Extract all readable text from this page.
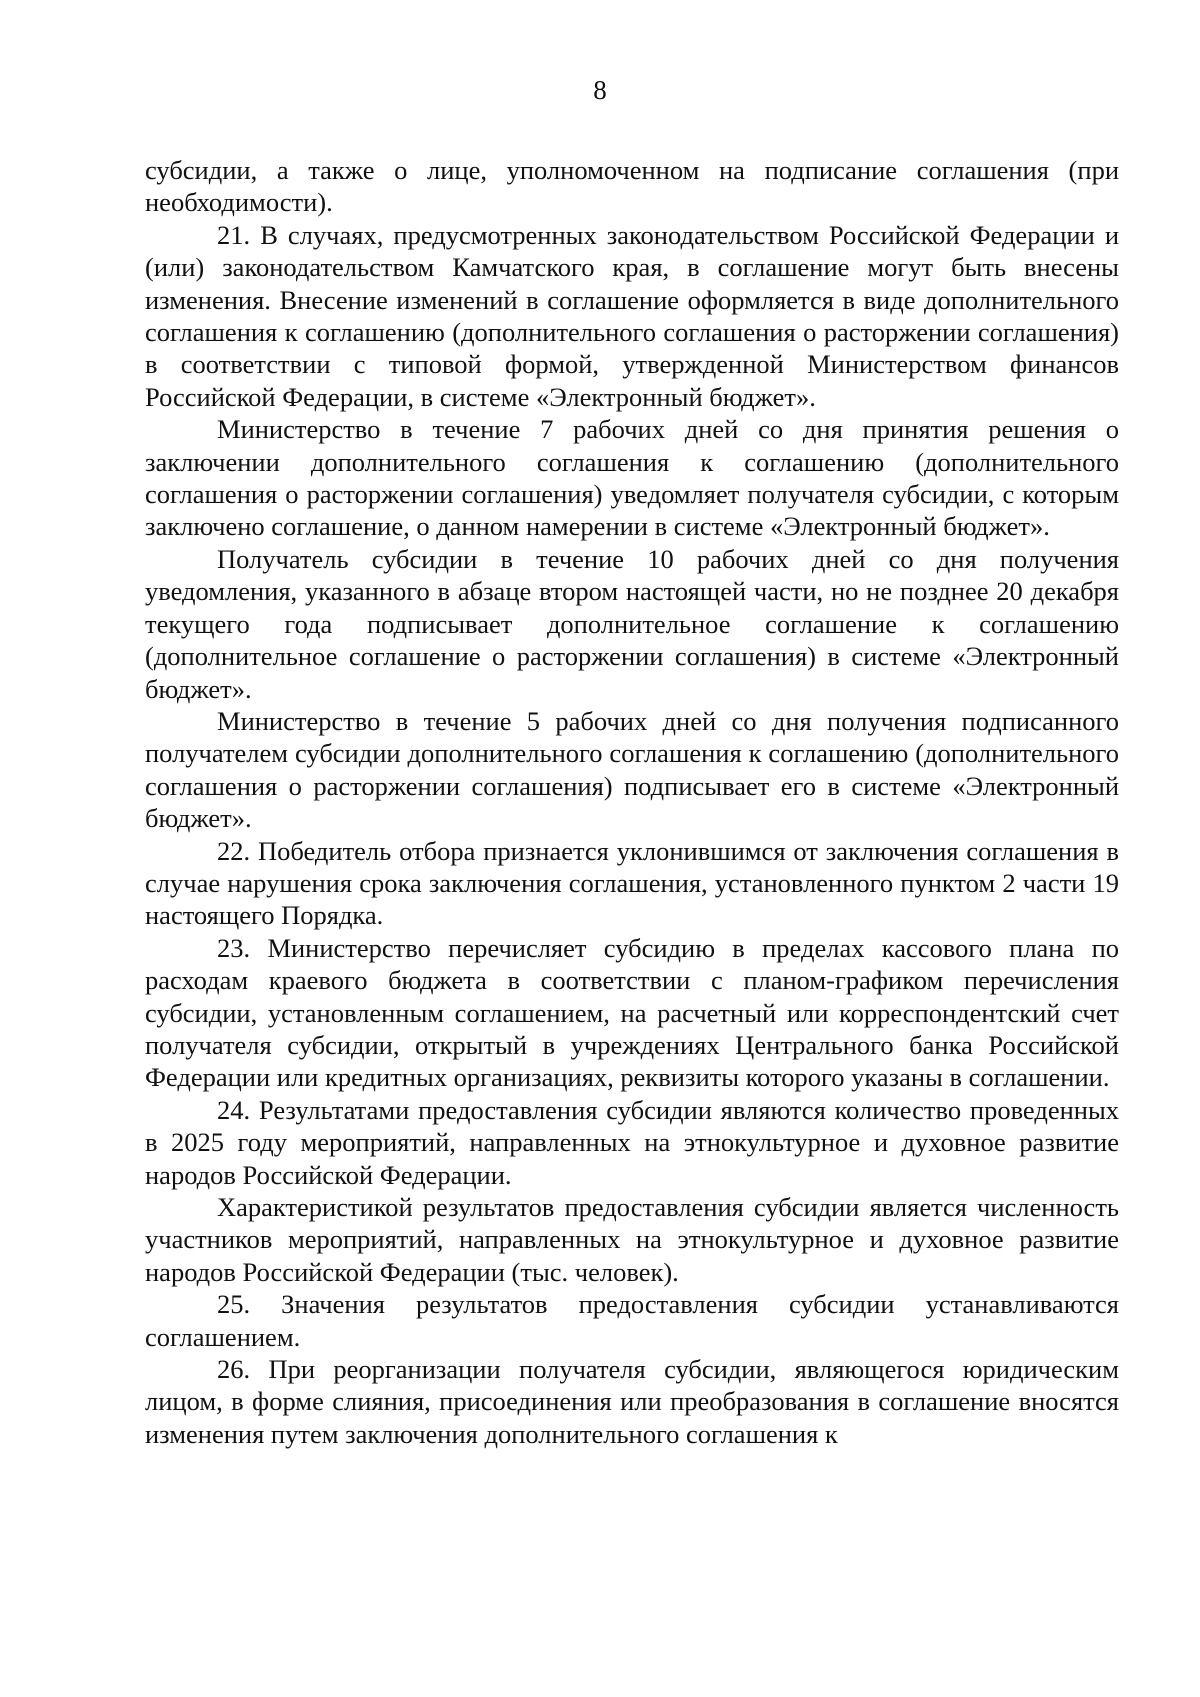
8

субсидии, а также о лице, уполномоченном на подписание соглашения (при необходимости).

21. В случаях, предусмотренных законодательством Российской Федерации и (или) законодательством Камчатского края, в соглашение могут быть внесены изменения. Внесение изменений в соглашение оформляется в виде дополнительного соглашения к соглашению (дополнительного соглашения о расторжении соглашения) в соответствии с типовой формой, утвержденной Министерством финансов Российской Федерации, в системе «Электронный бюджет».

Министерство в течение 7 рабочих дней со дня принятия решения о заключении дополнительного соглашения к соглашению (дополнительного соглашения о расторжении соглашения) уведомляет получателя субсидии, с которым заключено соглашение, о данном намерении в системе «Электронный бюджет».

Получатель субсидии в течение 10 рабочих дней со дня получения уведомления, указанного в абзаце втором настоящей части, но не позднее 20 декабря текущего года подписывает дополнительное соглашение к соглашению (дополнительное соглашение о расторжении соглашения) в системе «Электронный бюджет».

Министерство в течение 5 рабочих дней со дня получения подписанного получателем субсидии дополнительного соглашения к соглашению (дополнительного соглашения о расторжении соглашения) подписывает его в системе «Электронный бюджет».

22. Победитель отбора признается уклонившимся от заключения соглашения в случае нарушения срока заключения соглашения, установленного пунктом 2 части 19 настоящего Порядка.

23. Министерство перечисляет субсидию в пределах кассового плана по расходам краевого бюджета в соответствии с планом-графиком перечисления субсидии, установленным соглашением, на расчетный или корреспондентский счет получателя субсидии, открытый в учреждениях Центрального банка Российской Федерации или кредитных организациях, реквизиты которого указаны в соглашении.

24. Результатами предоставления субсидии являются количество проведенных в 2025 году мероприятий, направленных на этнокультурное и духовное развитие народов Российской Федерации.

Характеристикой результатов предоставления субсидии является численность участников мероприятий, направленных на этнокультурное и духовное развитие народов Российской Федерации (тыс. человек).

25. Значения результатов предоставления субсидии устанавливаются соглашением.

26. При реорганизации получателя субсидии, являющегося юридическим лицом, в форме слияния, присоединения или преобразования в соглашение вносятся изменения путем заключения дополнительного соглашения к
